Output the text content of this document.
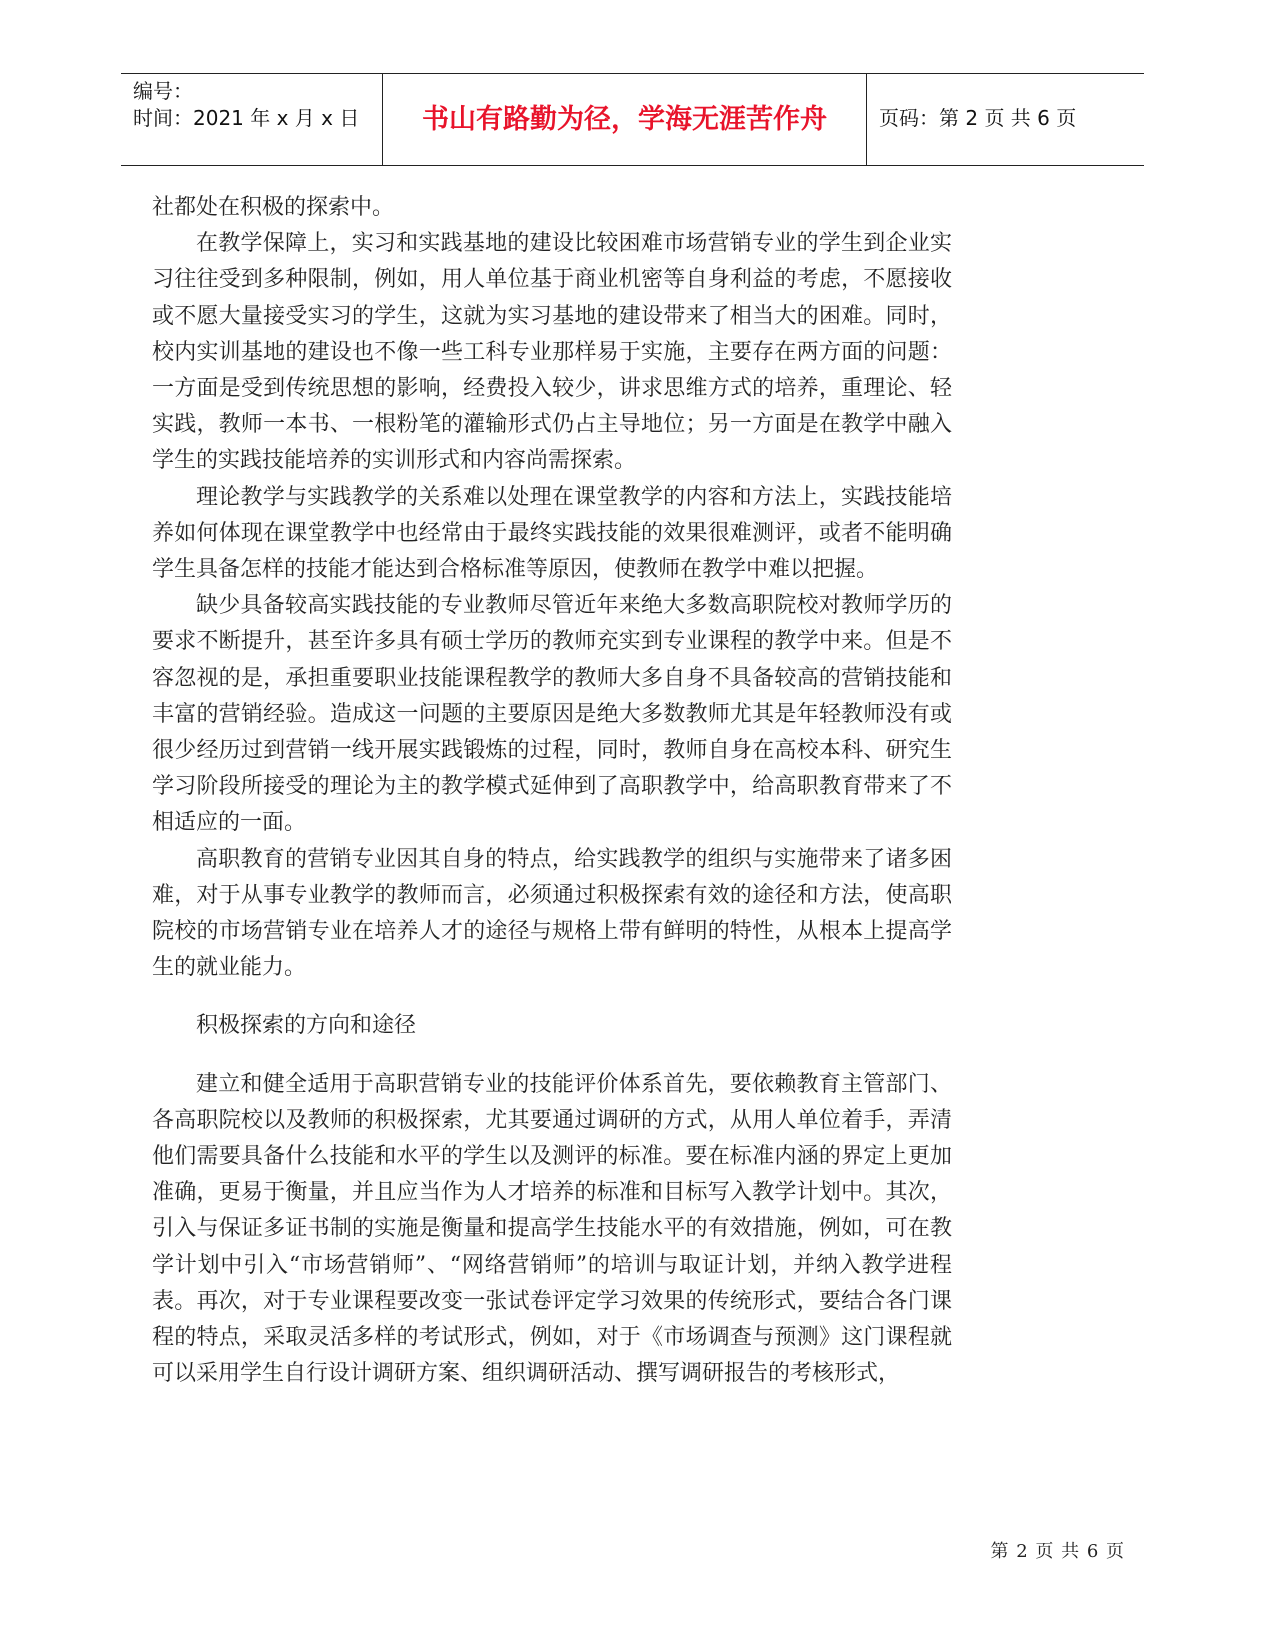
编号：
时间：2021 年 x 月 x 日	书山有路勤为径，学海无涯苦作舟	页码：第 2 页 共 6 页

社都处在积极的探索中。

在教学保障上，实习和实践基地的建设比较困难市场营销专业的学生到企业实习往往受到多种限制，例如，用人单位基于商业机密等自身利益的考虑，不愿接收或不愿大量接受实习的学生，这就为实习基地的建设带来了相当大的困难。同时，校内实训基地的建设也不像一些工科专业那样易于实施，主要存在两方面的问题：一方面是受到传统思想的影响，经费投入较少，讲求思维方式的培养，重理论、轻实践，教师一本书、一根粉笔的灌输形式仍占主导地位；另一方面是在教学中融入学生的实践技能培养的实训形式和内容尚需探索。

理论教学与实践教学的关系难以处理在课堂教学的内容和方法上，实践技能培养如何体现在课堂教学中也经常由于最终实践技能的效果很难测评，或者不能明确学生具备怎样的技能才能达到合格标准等原因，使教师在教学中难以把握。

缺少具备较高实践技能的专业教师尽管近年来绝大多数高职院校对教师学历的要求不断提升，甚至许多具有硕士学历的教师充实到专业课程的教学中来。但是不容忽视的是，承担重要职业技能课程教学的教师大多自身不具备较高的营销技能和丰富的营销经验。造成这一问题的主要原因是绝大多数教师尤其是年轻教师没有或很少经历过到营销一线开展实践锻炼的过程，同时，教师自身在高校本科、研究生学习阶段所接受的理论为主的教学模式延伸到了高职教学中，给高职教育带来了不相适应的一面。

高职教育的营销专业因其自身的特点，给实践教学的组织与实施带来了诸多困难，对于从事专业教学的教师而言，必须通过积极探索有效的途径和方法，使高职院校的市场营销专业在培养人才的途径与规格上带有鲜明的特性，从根本上提高学生的就业能力。

积极探索的方向和途径

建立和健全适用于高职营销专业的技能评价体系首先，要依赖教育主管部门、各高职院校以及教师的积极探索，尤其要通过调研的方式，从用人单位着手，弄清他们需要具备什么技能和水平的学生以及测评的标准。要在标准内涵的界定上更加准确，更易于衡量，并且应当作为人才培养的标准和目标写入教学计划中。其次，引入与保证多证书制的实施是衡量和提高学生技能水平的有效措施，例如，可在教学计划中引入“市场营销师”、“网络营销师”的培训与取证计划，并纳入教学进程表。再次，对于专业课程要改变一张试卷评定学习效果的传统形式，要结合各门课程的特点，采取灵活多样的考试形式，例如，对于《市场调查与预测》这门课程就可以采用学生自行设计调研方案、组织调研活动、撰写调研报告的考核形式，

第 2 页 共 6 页
